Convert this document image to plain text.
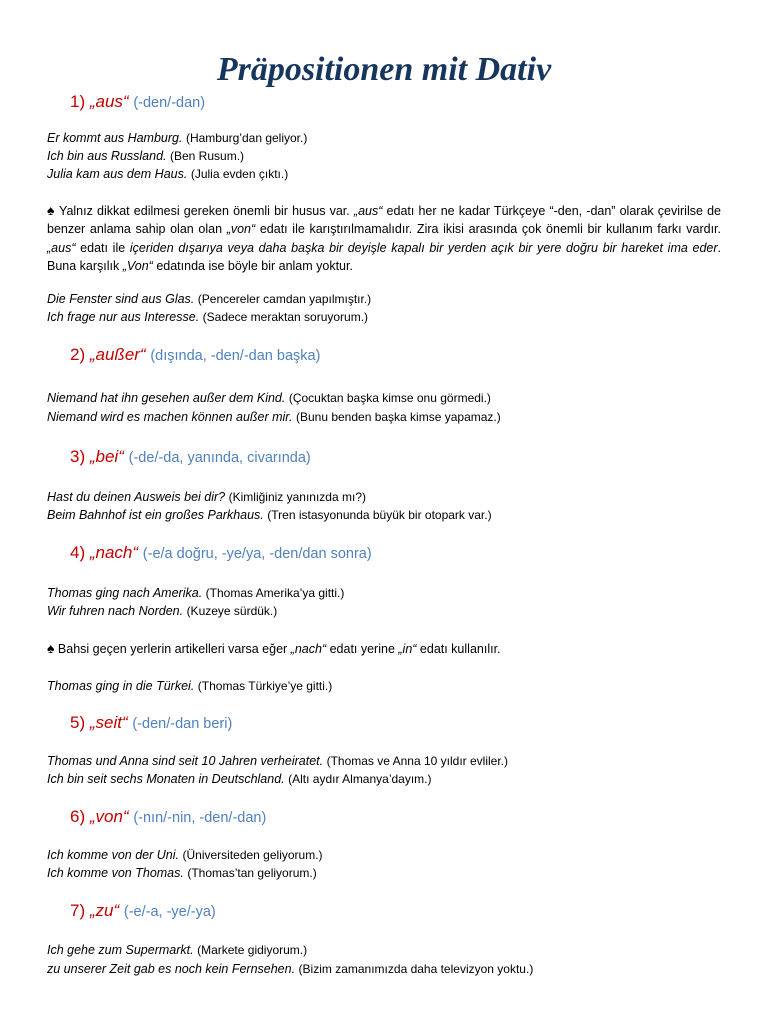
Präpositionen mit Dativ
1) „aus“ (-den/-dan)
Er kommt aus Hamburg. (Hamburg’dan geliyor.)
Ich bin aus Russland. (Ben Rusum.)
Julia kam aus dem Haus. (Julia evden çıktı.)
♠ Yalnız dikkat edilmesi gereken önemli bir husus var. „aus“ edatı her ne kadar Türkçeye “-den, -dan” olarak çevirilse de benzer anlama sahip olan olan „von“ edatı ile karıştırılmamalıdır. Zira ikisi arasında çok önemli bir kullanım farkı vardır. „aus“ edatı ile içeriden dışarıya veya daha başka bir deyişle kapalı bir yerden açık bir yere doğru bir hareket ima eder. Buna karşılık „Von“ edatında ise böyle bir anlam yoktur.
Die Fenster sind aus Glas. (Pencereler camdan yapılmıştır.)
Ich frage nur aus Interesse. (Sadece meraktan soruyorum.)
2) „außer“ (dışında, -den/-dan başka)
Niemand hat ihn gesehen außer dem Kind. (Çocuktan başka kimse onu görmedi.)
Niemand wird es machen können außer mir. (Bunu benden başka kimse yapamaz.)
3) „bei“ (-de/-da, yanında, civarında)
Hast du deinen Ausweis bei dir? (Kimliğiniz yanınızda mı?)
Beim Bahnhof ist ein großes Parkhaus. (Tren istasyonunda büyük bir otopark var.)
4) „nach“ (-e/a doğru, -ye/ya, -den/dan sonra)
Thomas ging nach Amerika. (Thomas Amerika’ya gitti.)
Wir fuhren nach Norden. (Kuzeye sürdük.)
♠ Bahsi geçen yerlerin artikelleri varsa eğer „nach“ edatı yerine „in“ edatı kullanılır.
Thomas ging in die Türkei. (Thomas Türkiye’ye gitti.)
5) „seit“ (-den/-dan beri)
Thomas und Anna sind seit 10 Jahren verheiratet. (Thomas ve Anna 10 yıldır evliler.)
Ich bin seit sechs Monaten in Deutschland. (Altı aydır Almanya’dayım.)
6) „von“ (-nın/-nin, -den/-dan)
Ich komme von der Uni. (Üniversiteden geliyorum.)
Ich komme von Thomas. (Thomas’tan geliyorum.)
7) „zu“ (-e/-a, -ye/-ya)
Ich gehe zum Supermarkt. (Markete gidiyorum.)
zu unserer Zeit gab es noch kein Fernsehen. (Bizim zamanımızda daha televizyon yoktu.)
